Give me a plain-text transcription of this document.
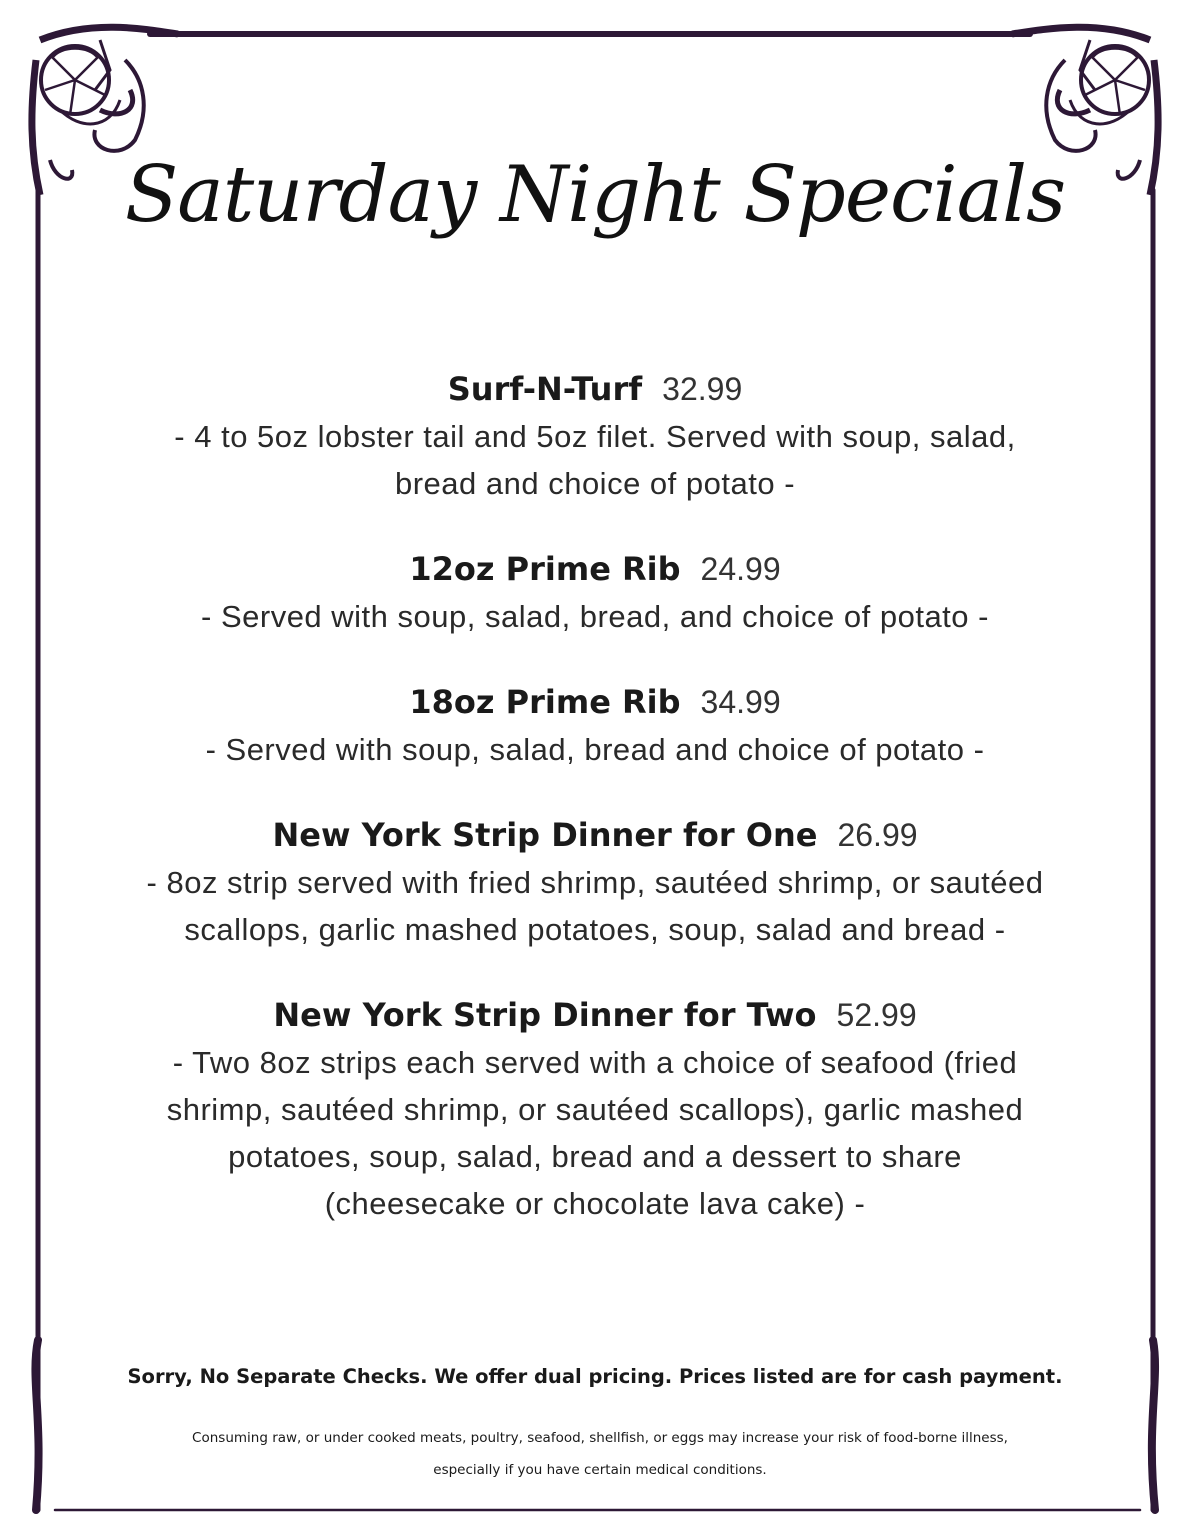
Saturday Night Specials
Surf-N-Turf 32.99
- 4 to 5oz lobster tail and 5oz filet. Served with soup, salad, bread and choice of potato -
12oz Prime Rib 24.99
- Served with soup, salad, bread, and choice of potato -
18oz Prime Rib 34.99
- Served with soup, salad, bread and choice of potato -
New York Strip Dinner for One 26.99
- 8oz strip served with fried shrimp, sautéed shrimp, or sautéed scallops, garlic mashed potatoes, soup, salad and bread -
New York Strip Dinner for Two 52.99
- Two 8oz strips each served with a choice of seafood (fried shrimp, sautéed shrimp, or sautéed scallops), garlic mashed potatoes, soup, salad, bread and a dessert to share (cheesecake or chocolate lava cake) -
Sorry, No Separate Checks. We offer dual pricing. Prices listed are for cash payment.
Consuming raw, or under cooked meats, poultry, seafood, shellfish, or eggs may increase your risk of food-borne illness, especially if you have certain medical conditions.
